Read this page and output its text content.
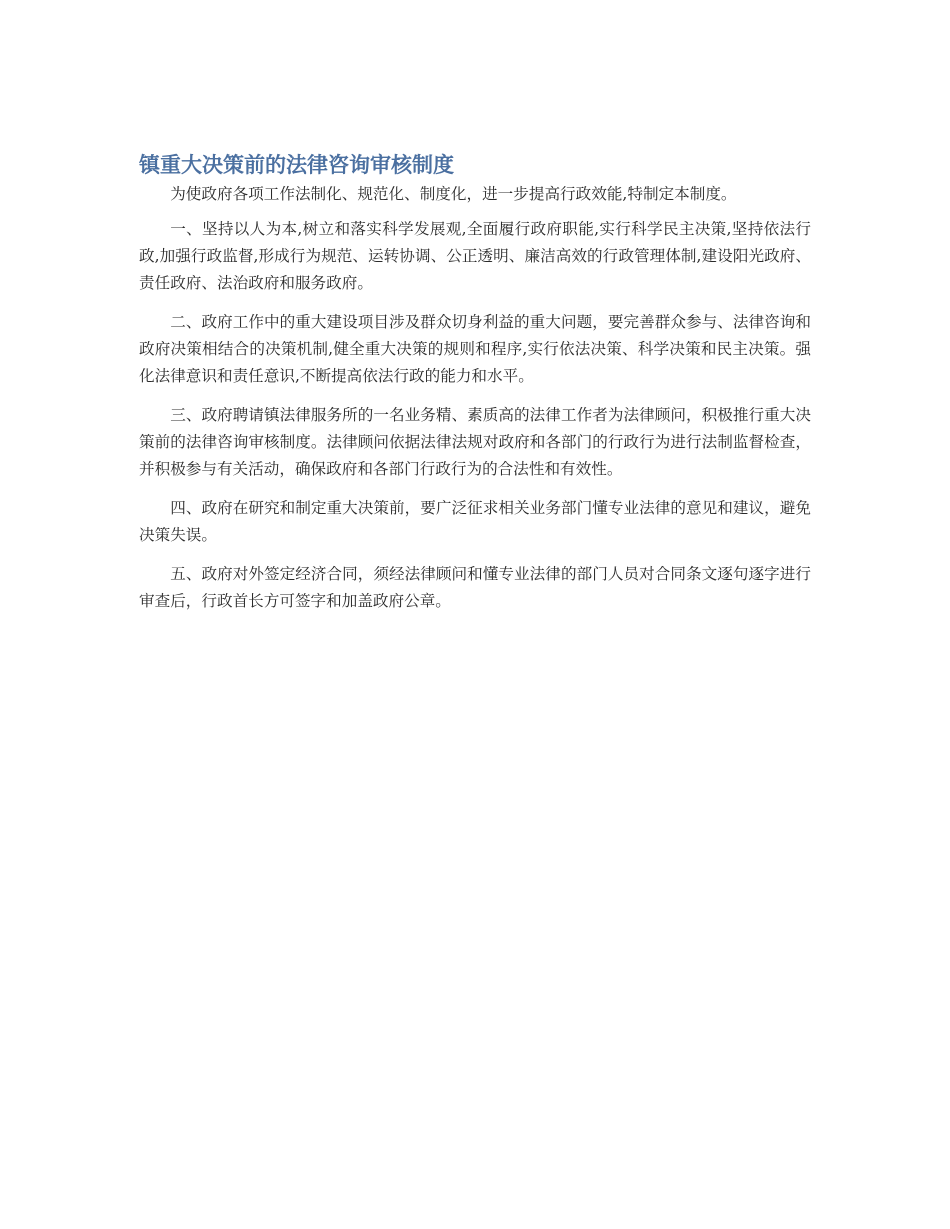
镇重大决策前的法律咨询审核制度

为使政府各项工作法制化、规范化、制度化，进一步提高行政效能,特制定本制度。

一、坚持以人为本,树立和落实科学发展观,全面履行政府职能,实行科学民主决策,坚持依法行政,加强行政监督,形成行为规范、运转协调、公正透明、廉洁高效的行政管理体制,建设阳光政府、责任政府、法治政府和服务政府。

二、政府工作中的重大建设项目涉及群众切身利益的重大问题，要完善群众参与、法律咨询和政府决策相结合的决策机制,健全重大决策的规则和程序,实行依法决策、科学决策和民主决策。强化法律意识和责任意识,不断提高依法行政的能力和水平。

三、政府聘请镇法律服务所的一名业务精、素质高的法律工作者为法律顾问，积极推行重大决策前的法律咨询审核制度。法律顾问依据法律法规对政府和各部门的行政行为进行法制监督检查，并积极参与有关活动，确保政府和各部门行政行为的合法性和有效性。

四、政府在研究和制定重大决策前，要广泛征求相关业务部门懂专业法律的意见和建议，避免决策失误。

五、政府对外签定经济合同，须经法律顾问和懂专业法律的部门人员对合同条文逐句逐字进行审查后，行政首长方可签字和加盖政府公章。
